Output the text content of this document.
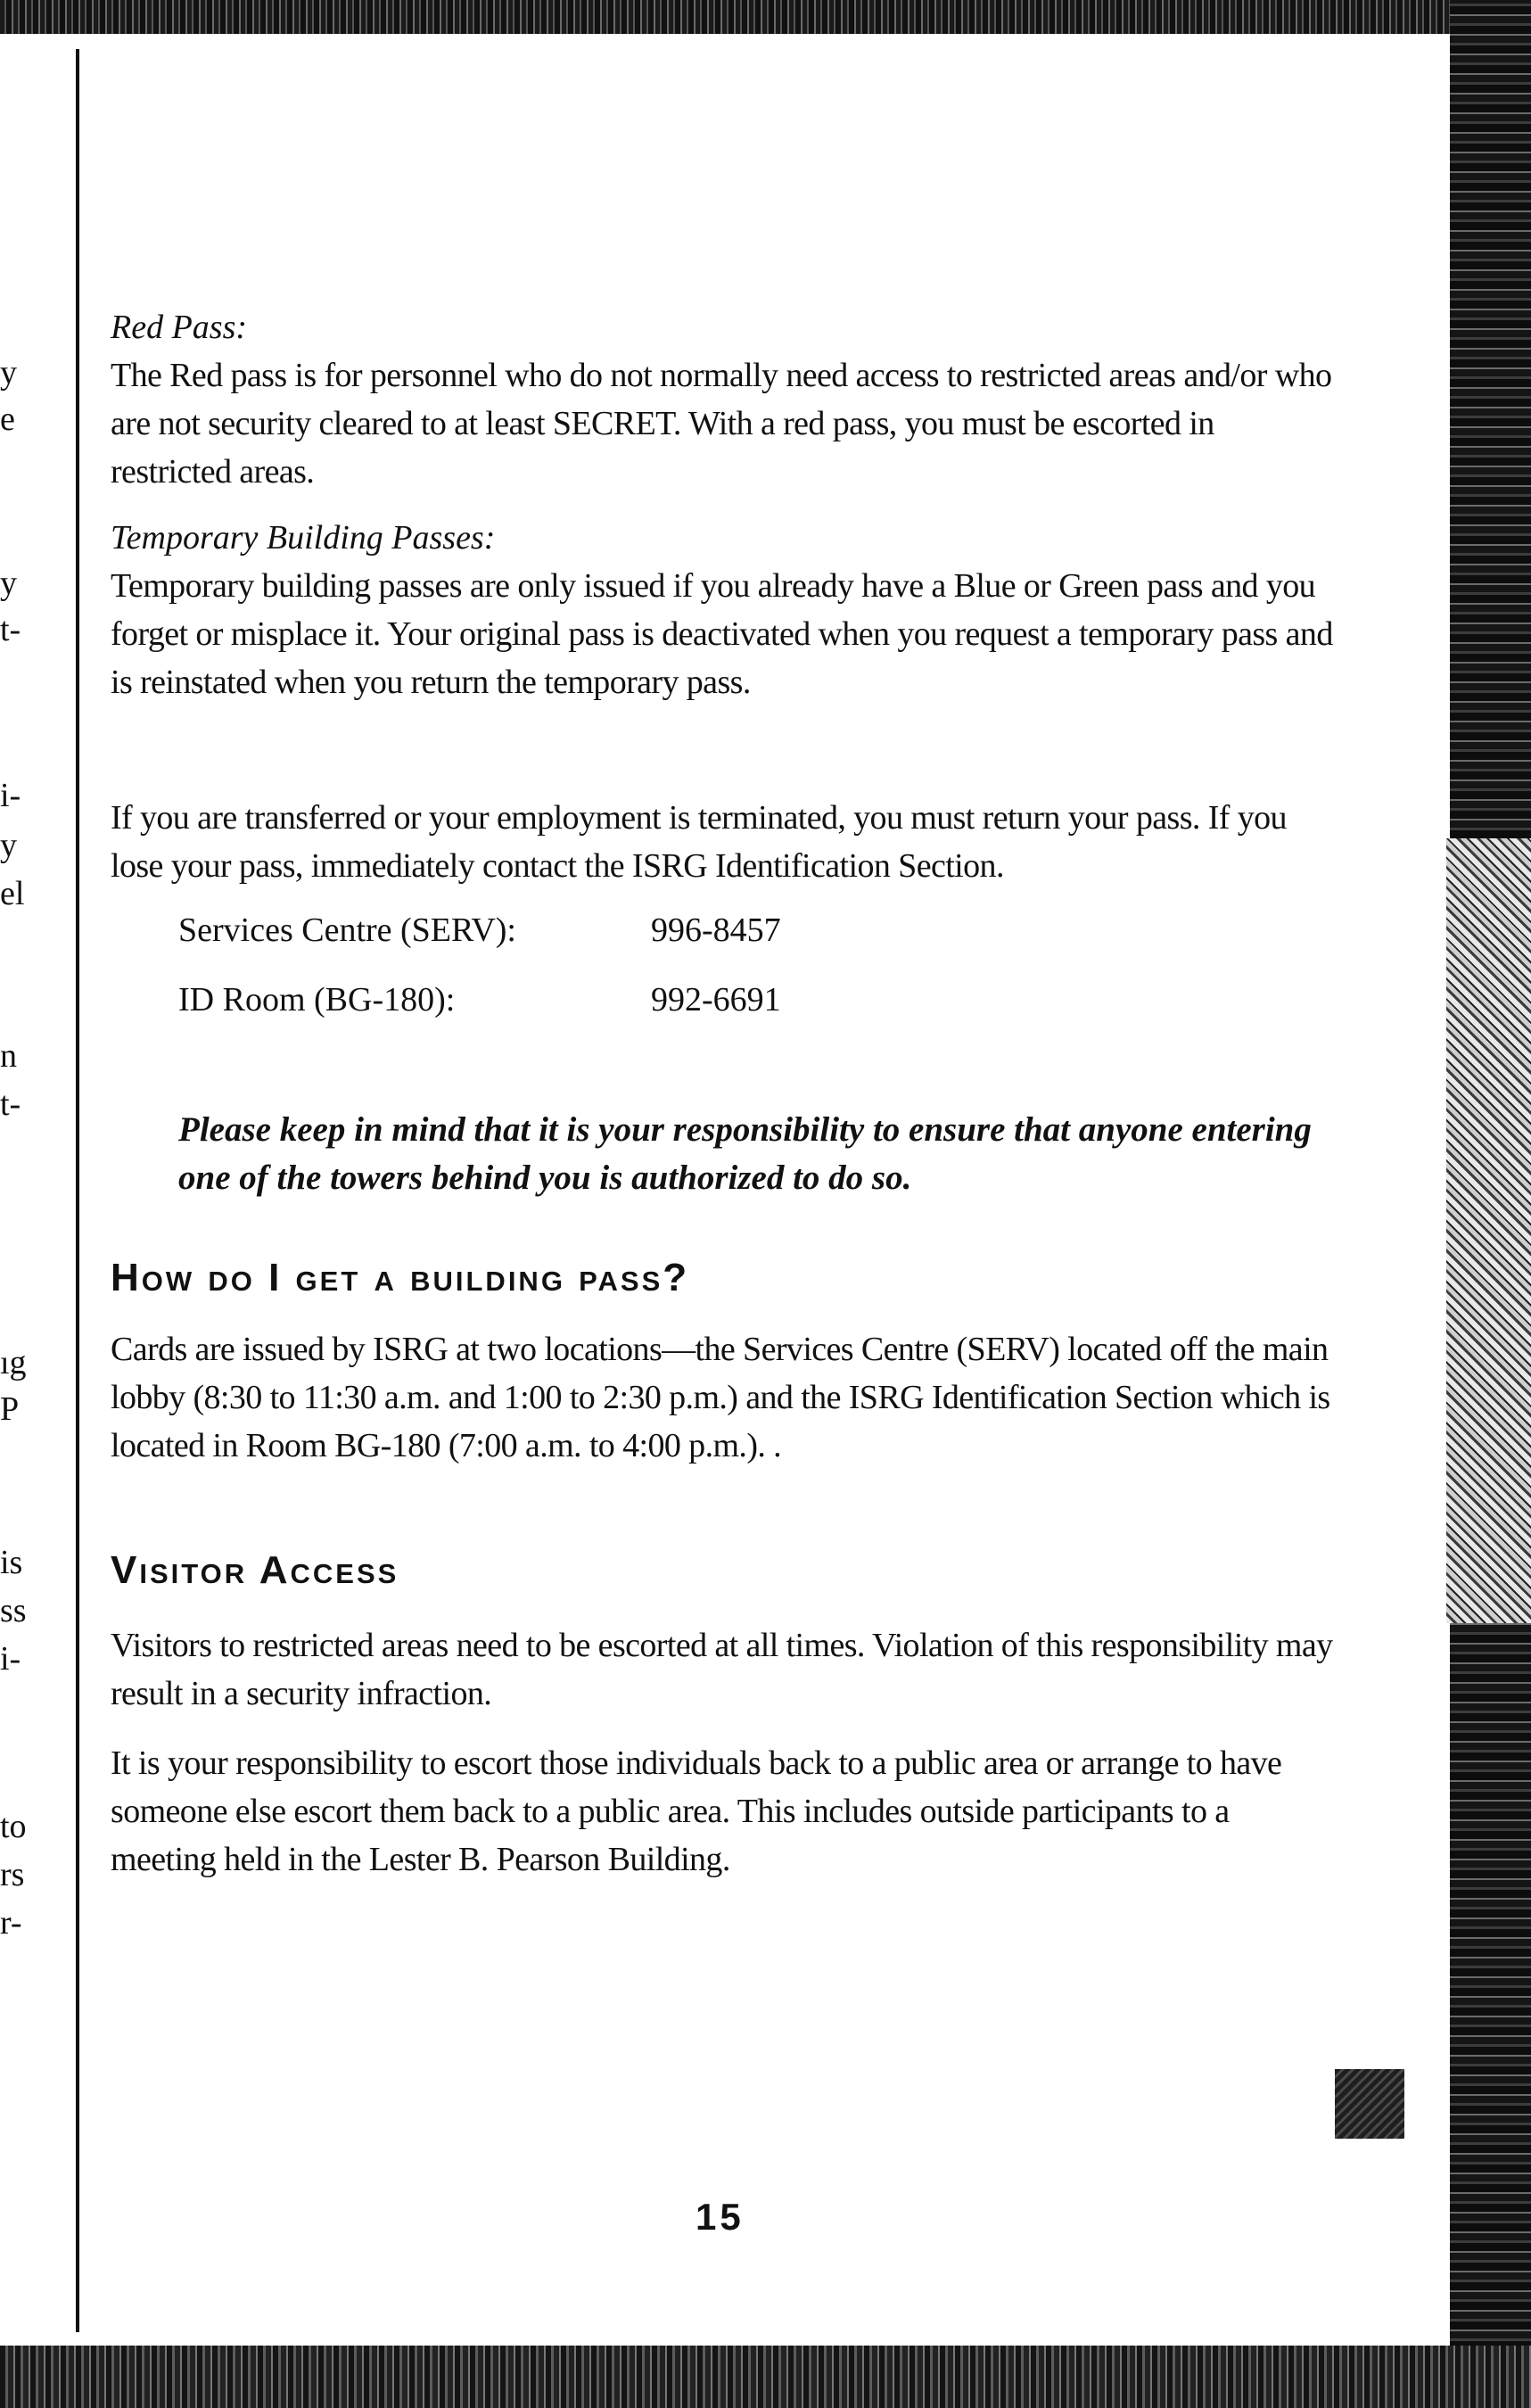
y
e
y
t-
i-
y
el
n
t-
ıg
P
is
ss
i-
to
rs
r-
Red Pass:
The Red pass is for personnel who do not normally need access to restricted areas and/or who are not security cleared to at least SECRET. With a red pass, you must be escorted in restricted areas.
Temporary Building Passes:
Temporary building passes are only issued if you already have a Blue or Green pass and you forget or misplace it. Your original pass is deactivated when you request a temporary pass and is reinstated when you return the temporary pass.
If you are transferred or your employment is terminated, you must return your pass. If you lose your pass, immediately contact the ISRG Identification Section.
Services Centre (SERV):	996-8457
ID Room (BG-180):	992-6691
Please keep in mind that it is your responsibility to ensure that anyone entering one of the towers behind you is authorized to do so.
How do I get a building pass?
Cards are issued by ISRG at two locations—the Services Centre (SERV) located off the main lobby (8:30 to 11:30 a.m. and 1:00 to 2:30 p.m.) and the ISRG Identification Section which is located in Room BG-180 (7:00 a.m. to 4:00 p.m.). .
Visitor Access
Visitors to restricted areas need to be escorted at all times. Violation of this responsibility may result in a security infraction.
It is your responsibility to escort those individuals back to a public area or arrange to have someone else escort them back to a public area. This includes outside participants to a meeting held in the Lester B. Pearson Building.
15
